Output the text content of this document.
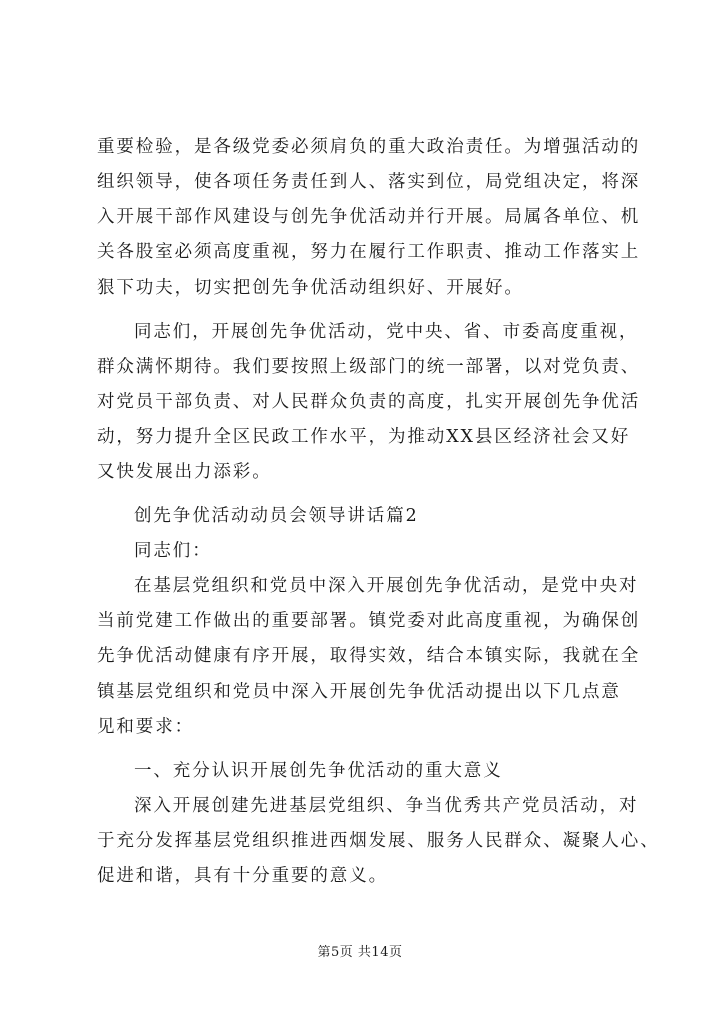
重要检验，是各级党委必须肩负的重大政治责任。为增强活动的
组织领导，使各项任务责任到人、落实到位，局党组决定，将深
入开展干部作风建设与创先争优活动并行开展。局属各单位、机
关各股室必须高度重视，努力在履行工作职责、推动工作落实上
狠下功夫，切实把创先争优活动组织好、开展好。
同志们，开展创先争优活动，党中央、省、市委高度重视，
群众满怀期待。我们要按照上级部门的统一部署，以对党负责、
对党员干部负责、对人民群众负责的高度，扎实开展创先争优活
动，努力提升全区民政工作水平，为推动XX县区经济社会又好
又快发展出力添彩。
创先争优活动动员会领导讲话篇2
同志们：
在基层党组织和党员中深入开展创先争优活动，是党中央对
当前党建工作做出的重要部署。镇党委对此高度重视，为确保创
先争优活动健康有序开展，取得实效，结合本镇实际，我就在全
镇基层党组织和党员中深入开展创先争优活动提出以下几点意
见和要求：
一、充分认识开展创先争优活动的重大意义
深入开展创建先进基层党组织、争当优秀共产党员活动，对
于充分发挥基层党组织推进西烟发展、服务人民群众、凝聚人心、
促进和谐，具有十分重要的意义。
第5页 共14页
